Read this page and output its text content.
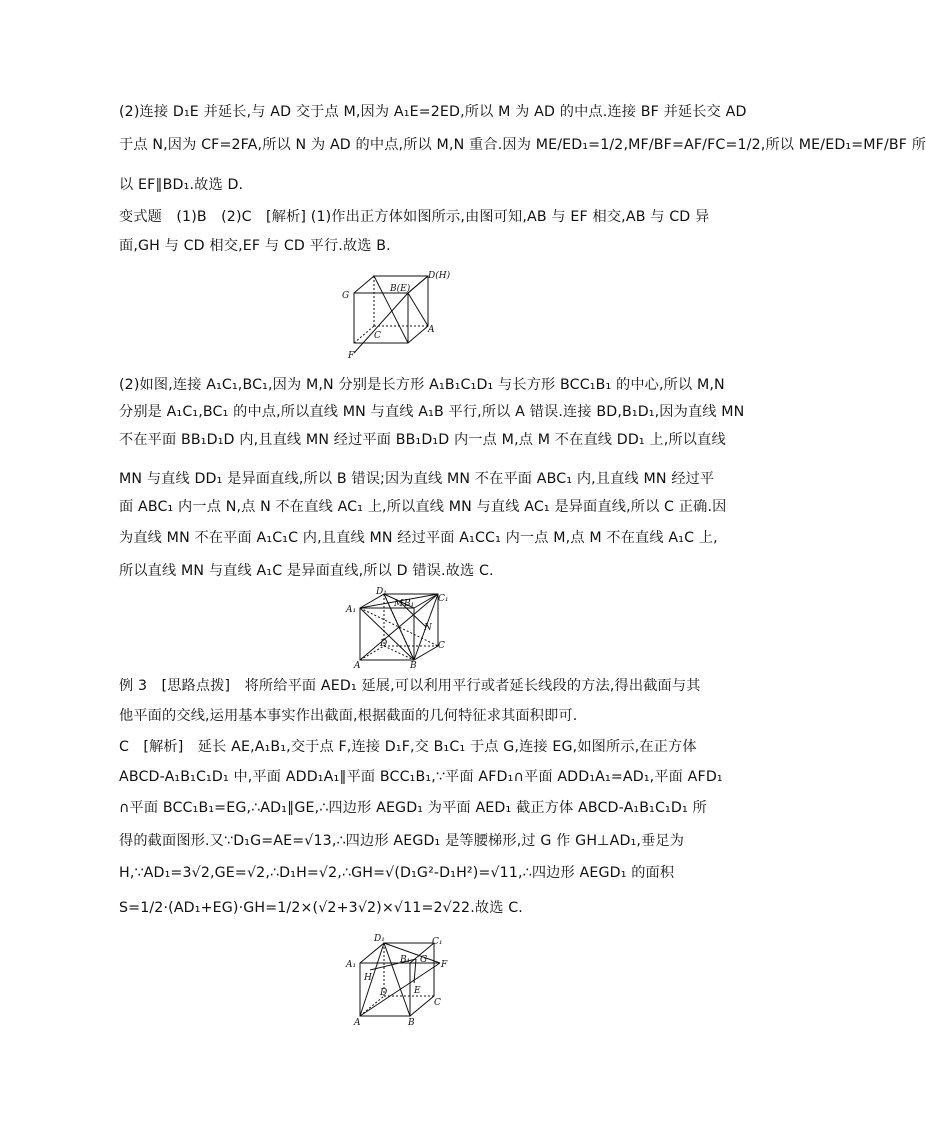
(2)连接 D₁E 并延长,与 AD 交于点 M,因为 A₁E=2ED,所以 M 为 AD 的中点.连接 BF 并延长交 AD
于点 N,因为 CF=2FA,所以 N 为 AD 的中点,所以 M,N 重合.因为 ME/ED₁=1/2,MF/BF=AF/FC=1/2,所以 ME/ED₁=MF/BF 所
以 EF∥BD₁.故选 D.
变式题　(1)B　(2)C　[解析] (1)作出正方体如图所示,由图可知,AB 与 EF 相交,AB 与 CD 异
面,GH 与 CD 相交,EF 与 CD 平行.故选 B.
D(H)
G
B(E)
A
C
F
(2)如图,连接 A₁C₁,BC₁,因为 M,N 分别是长方形 A₁B₁C₁D₁ 与长方形 BCC₁B₁ 的中心,所以 M,N
分别是 A₁C₁,BC₁ 的中点,所以直线 MN 与直线 A₁B 平行,所以 A 错误.连接 BD,B₁D₁,因为直线 MN
不在平面 BB₁D₁D 内,且直线 MN 经过平面 BB₁D₁D 内一点 M,点 M 不在直线 DD₁ 上,所以直线
MN 与直线 DD₁ 是异面直线,所以 B 错误;因为直线 MN 不在平面 ABC₁ 内,且直线 MN 经过平
面 ABC₁ 内一点 N,点 N 不在直线 AC₁ 上,所以直线 MN 与直线 AC₁ 是异面直线,所以 C 正确.因
为直线 MN 不在平面 A₁C₁C 内,且直线 MN 经过平面 A₁CC₁ 内一点 M,点 M 不在直线 A₁C 上,
所以直线 MN 与直线 A₁C 是异面直线,所以 D 错误.故选 C.
D₁
M B₁	C₁
A₁
N
D	C
A	B
例 3　[思路点拨]　将所给平面 AED₁ 延展,可以利用平行或者延长线段的方法,得出截面与其
他平面的交线,运用基本事实作出截面,根据截面的几何特征求其面积即可.
C　[解析]　延长 AE,A₁B₁,交于点 F,连接 D₁F,交 B₁C₁ 于点 G,连接 EG,如图所示,在正方体
ABCD-A₁B₁C₁D₁ 中,平面 ADD₁A₁∥平面 BCC₁B₁,∵平面 AFD₁∩平面 ADD₁A₁=AD₁,平面 AFD₁
∩平面 BCC₁B₁=EG,∴AD₁∥GE,∴四边形 AEGD₁ 为平面 AED₁ 截正方体 ABCD-A₁B₁C₁D₁ 所
得的截面图形.又∵D₁G=AE=√13,∴四边形 AEGD₁ 是等腰梯形,过 G 作 GH⊥AD₁,垂足为
H,∵AD₁=3√2,GE=√2,∴D₁H=√2,∴GH=√(D₁G²-D₁H²)=√11,∴四边形 AEGD₁ 的面积
S=1/2·(AD₁+EG)·GH=1/2×(√2+3√2)×√11=2√22.故选 C.
D₁	C₁
A₁
H
B₁ G F
D	E
C
A	B
